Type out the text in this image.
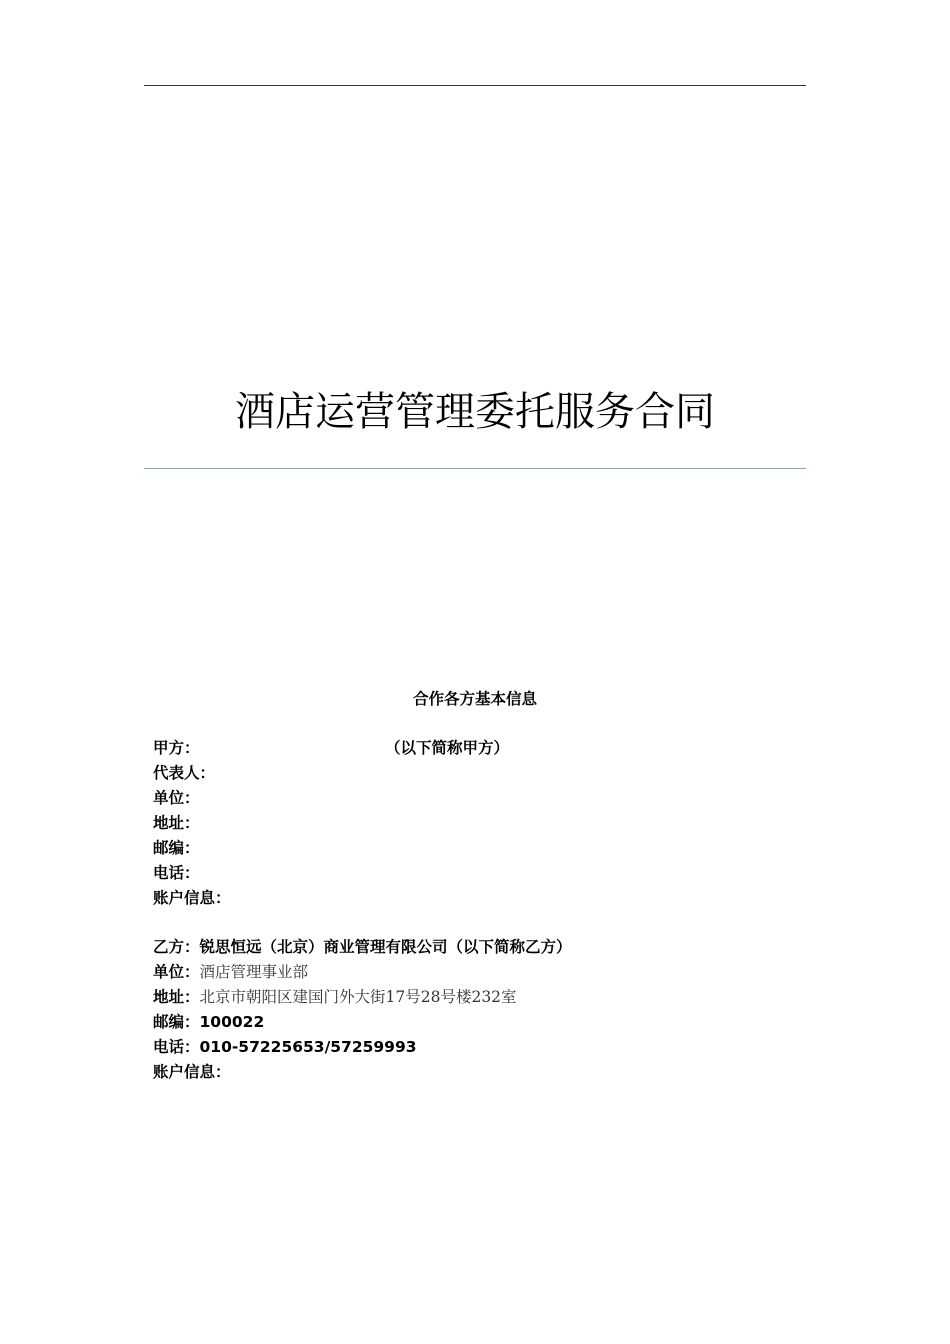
酒店运营管理委托服务合同
合作各方基本信息
甲方：	（以下简称甲方）
代表人：
单位：
地址：
邮编：
电话：
账户信息：
乙方：锐思恒远（北京）商业管理有限公司（以下简称乙方）
单位：酒店管理事业部
地址：北京市朝阳区建国门外大街17号28号楼232室
邮编：100022
电话：010-57225653/57259993
账户信息：
